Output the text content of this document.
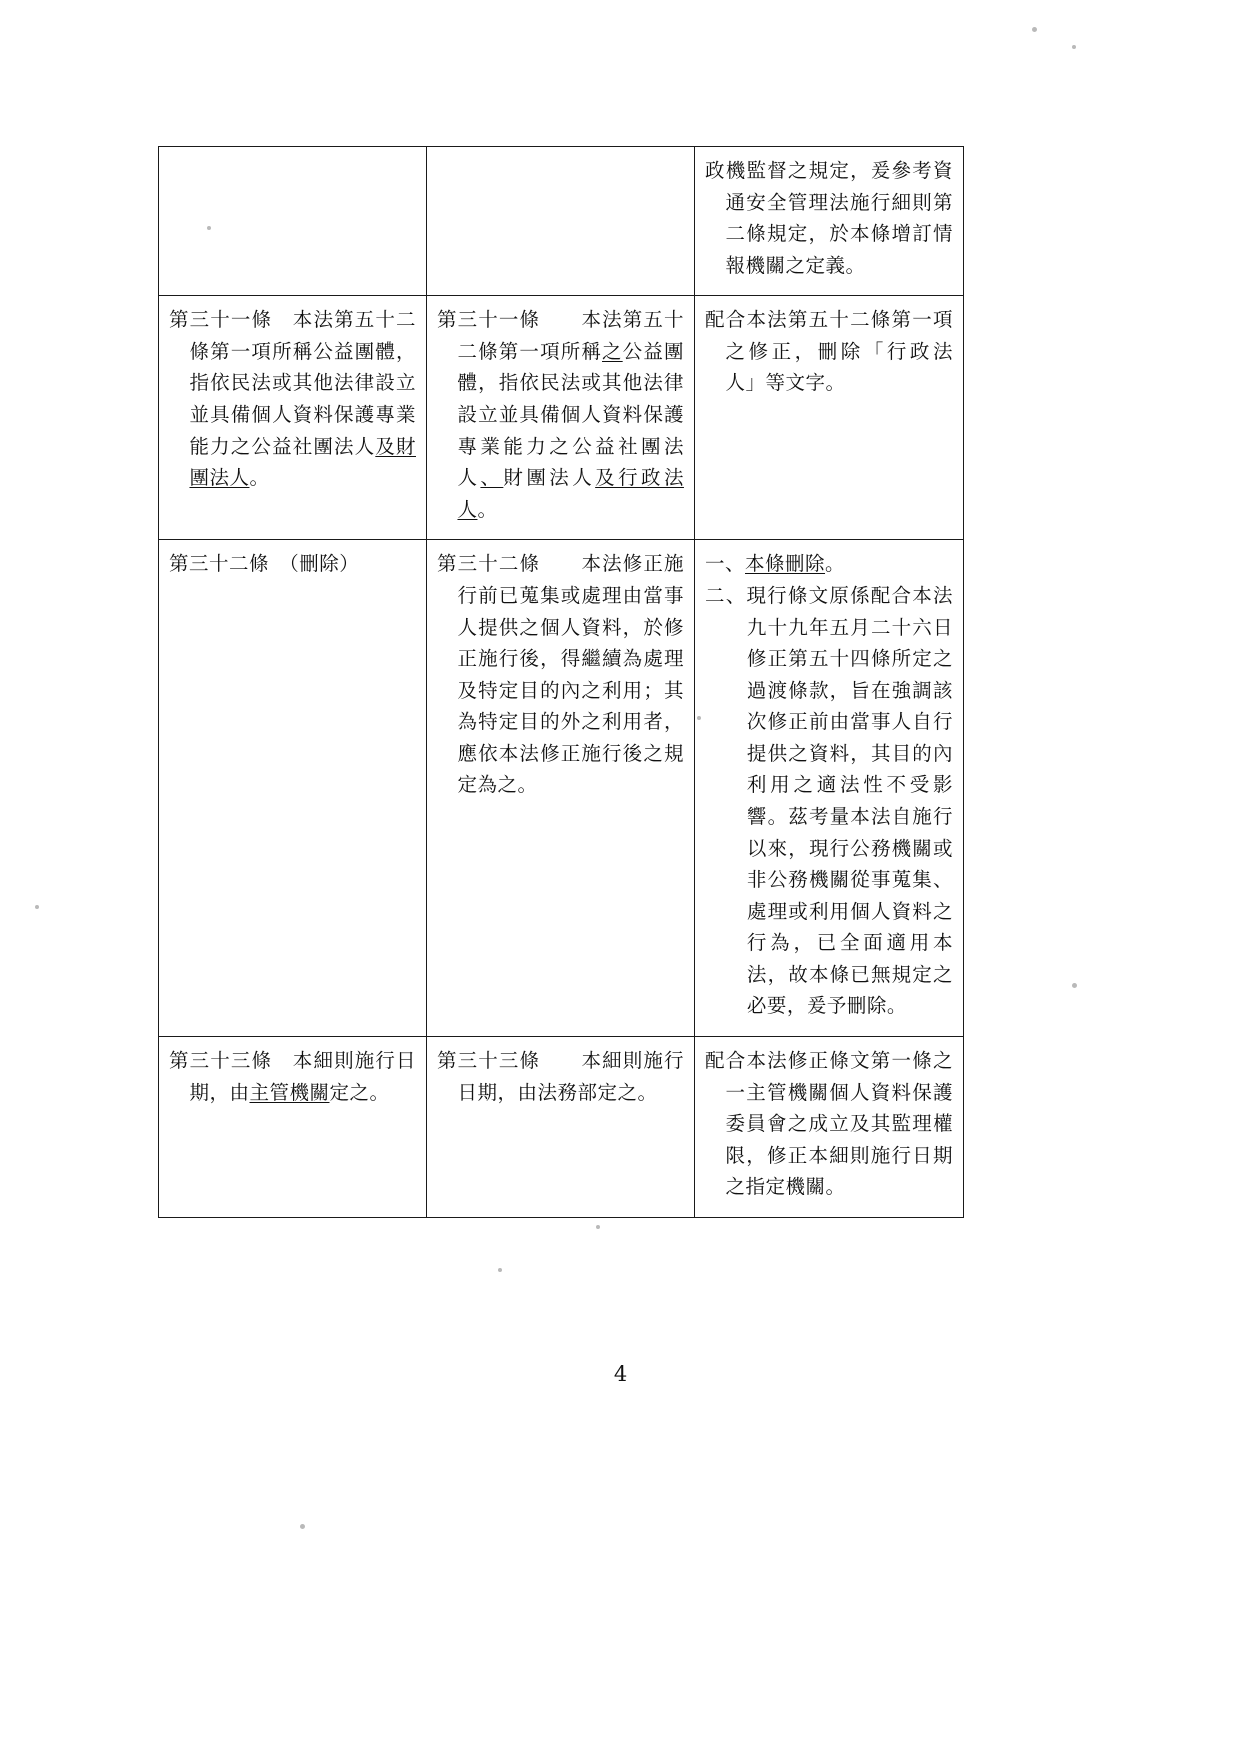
		政機監督之規定，爰參考資通安全管理法施行細則第二條規定，於本條增訂情報機關之定義。

第三十一條　本法第五十二條第一項所稱公益團體，指依民法或其他法律設立並具備個人資料保護專業能力之公益社團法人及財團法人。	第三十一條　　本法第五十二條第一項所稱之公益團體，指依民法或其他法律設立並具備個人資料保護專業能力之公益社團法人、財團法人及行政法人。	配合本法第五十二條第一項之修正，刪除「行政法人」等文字。

第三十二條　（刪除）	第三十二條　　本法修正施行前已蒐集或處理由當事人提供之個人資料，於修正施行後，得繼續為處理及特定目的內之利用；其為特定目的外之利用者，應依本法修正施行後之規定為之。	一、本條刪除。
二、現行條文原係配合本法九十九年五月二十六日修正第五十四條所定之過渡條款，旨在強調該次修正前由當事人自行提供之資料，其目的內利用之適法性不受影響。茲考量本法自施行以來，現行公務機關或非公務機關從事蒐集、處理或利用個人資料之行為，已全面適用本法，故本條已無規定之必要，爰予刪除。

第三十三條　本細則施行日期，由主管機關定之。	第三十三條　　本細則施行日期，由法務部定之。	配合本法修正條文第一條之一主管機關個人資料保護委員會之成立及其監理權限，修正本細則施行日期之指定機關。
4
